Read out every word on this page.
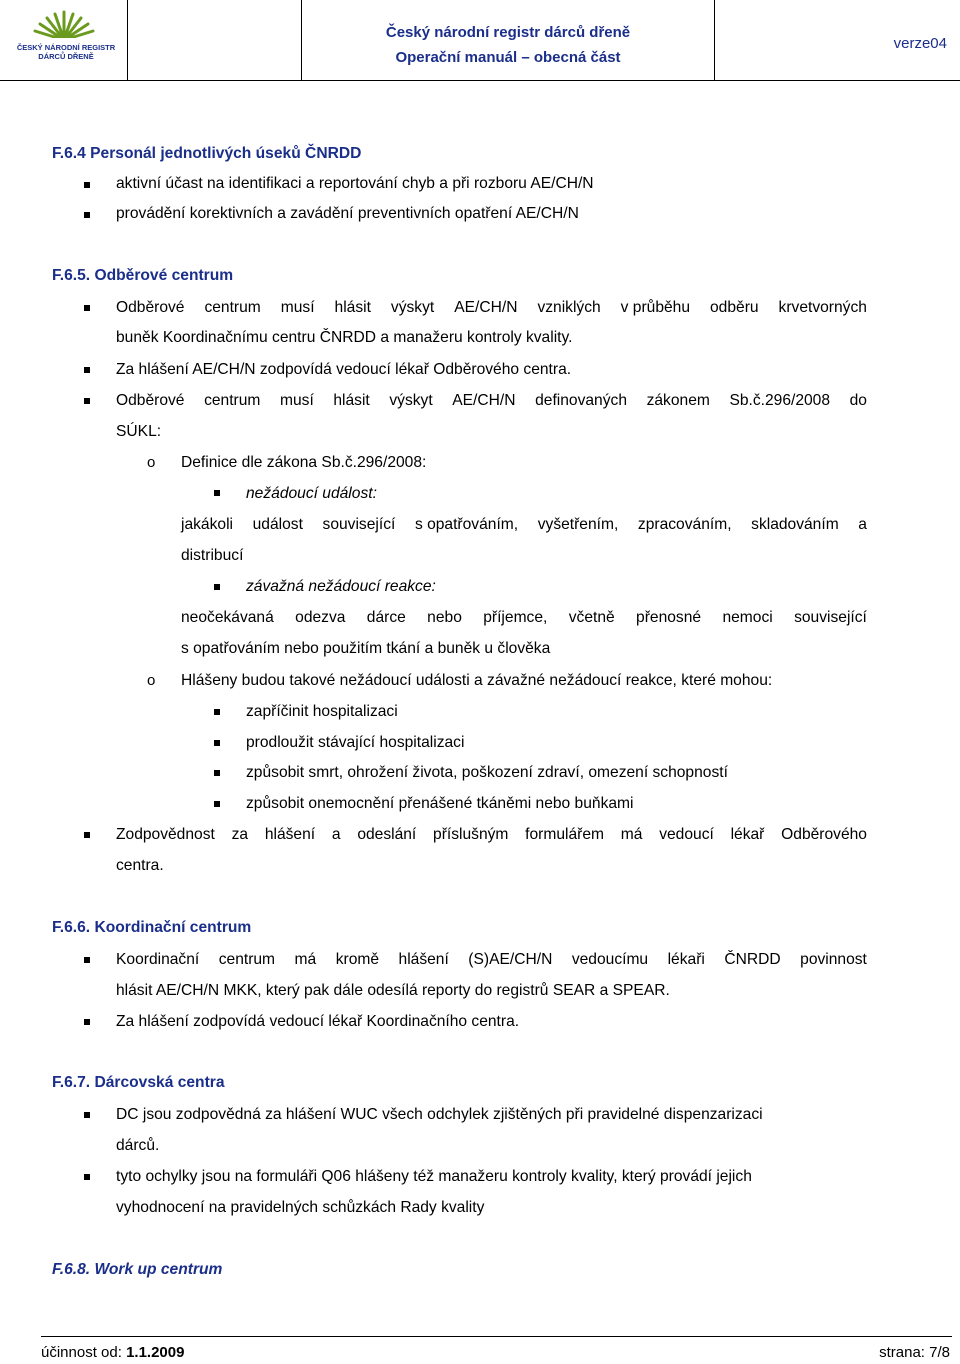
ČESKÝ NÁRODNÍ REGISTR
DÁRCŮ DŘENĚ
Český národní registr dárců dřeně
Operační manuál – obecná část
verze04
F.6.4 Personál jednotlivých úseků ČNRDD
aktivní účast na identifikaci a reportování chyb a při rozboru AE/CH/N
provádění korektivních a zavádění preventivních opatření AE/CH/N
F.6.5. Odběrové centrum
Odběrové centrum musí hlásit výskyt AE/CH/N vzniklých v průběhu odběru krvetvorných
buněk Koordinačnímu centru ČNRDD a manažeru kontroly kvality.
Za hlášení AE/CH/N zodpovídá vedoucí lékař Odběrového centra.
Odběrové centrum musí hlásit výskyt AE/CH/N definovaných zákonem Sb.č.296/2008 do
SÚKL:
o Definice dle zákona Sb.č.296/2008:
nežádoucí událost:
jakákoli událost související s opatřováním, vyšetřením, zpracováním, skladováním a
distribucí
závažná nežádoucí reakce:
neočekávaná odezva dárce nebo příjemce, včetně přenosné nemoci související
s opatřováním nebo použitím tkání a buněk u člověka
o Hlášeny budou takové nežádoucí události a závažné nežádoucí reakce, které mohou:
zapříčinit hospitalizaci
prodloužit stávající hospitalizaci
způsobit smrt, ohrožení života, poškození zdraví, omezení schopností
způsobit onemocnění přenášené tkáněmi nebo buňkami
Zodpovědnost za hlášení a odeslání příslušným formulářem má vedoucí lékař Odběrového
centra.
F.6.6. Koordinační centrum
Koordinační centrum má kromě hlášení (S)AE/CH/N vedoucímu lékaři ČNRDD povinnost
hlásit AE/CH/N MKK, který pak dále odesílá reporty do registrů SEAR a SPEAR.
Za hlášení zodpovídá vedoucí lékař Koordinačního centra.
F.6.7. Dárcovská centra
DC jsou zodpovědná za hlášení WUC všech odchylek zjištěných při pravidelné dispenzarizaci
dárců.
tyto ochylky jsou na formuláři Q06 hlášeny též manažeru kontroly kvality, který provádí jejich
vyhodnocení na pravidelných schůzkách Rady kvality
F.6.8. Work up centrum
účinnost od: 1.1.2009	strana: 7/8
